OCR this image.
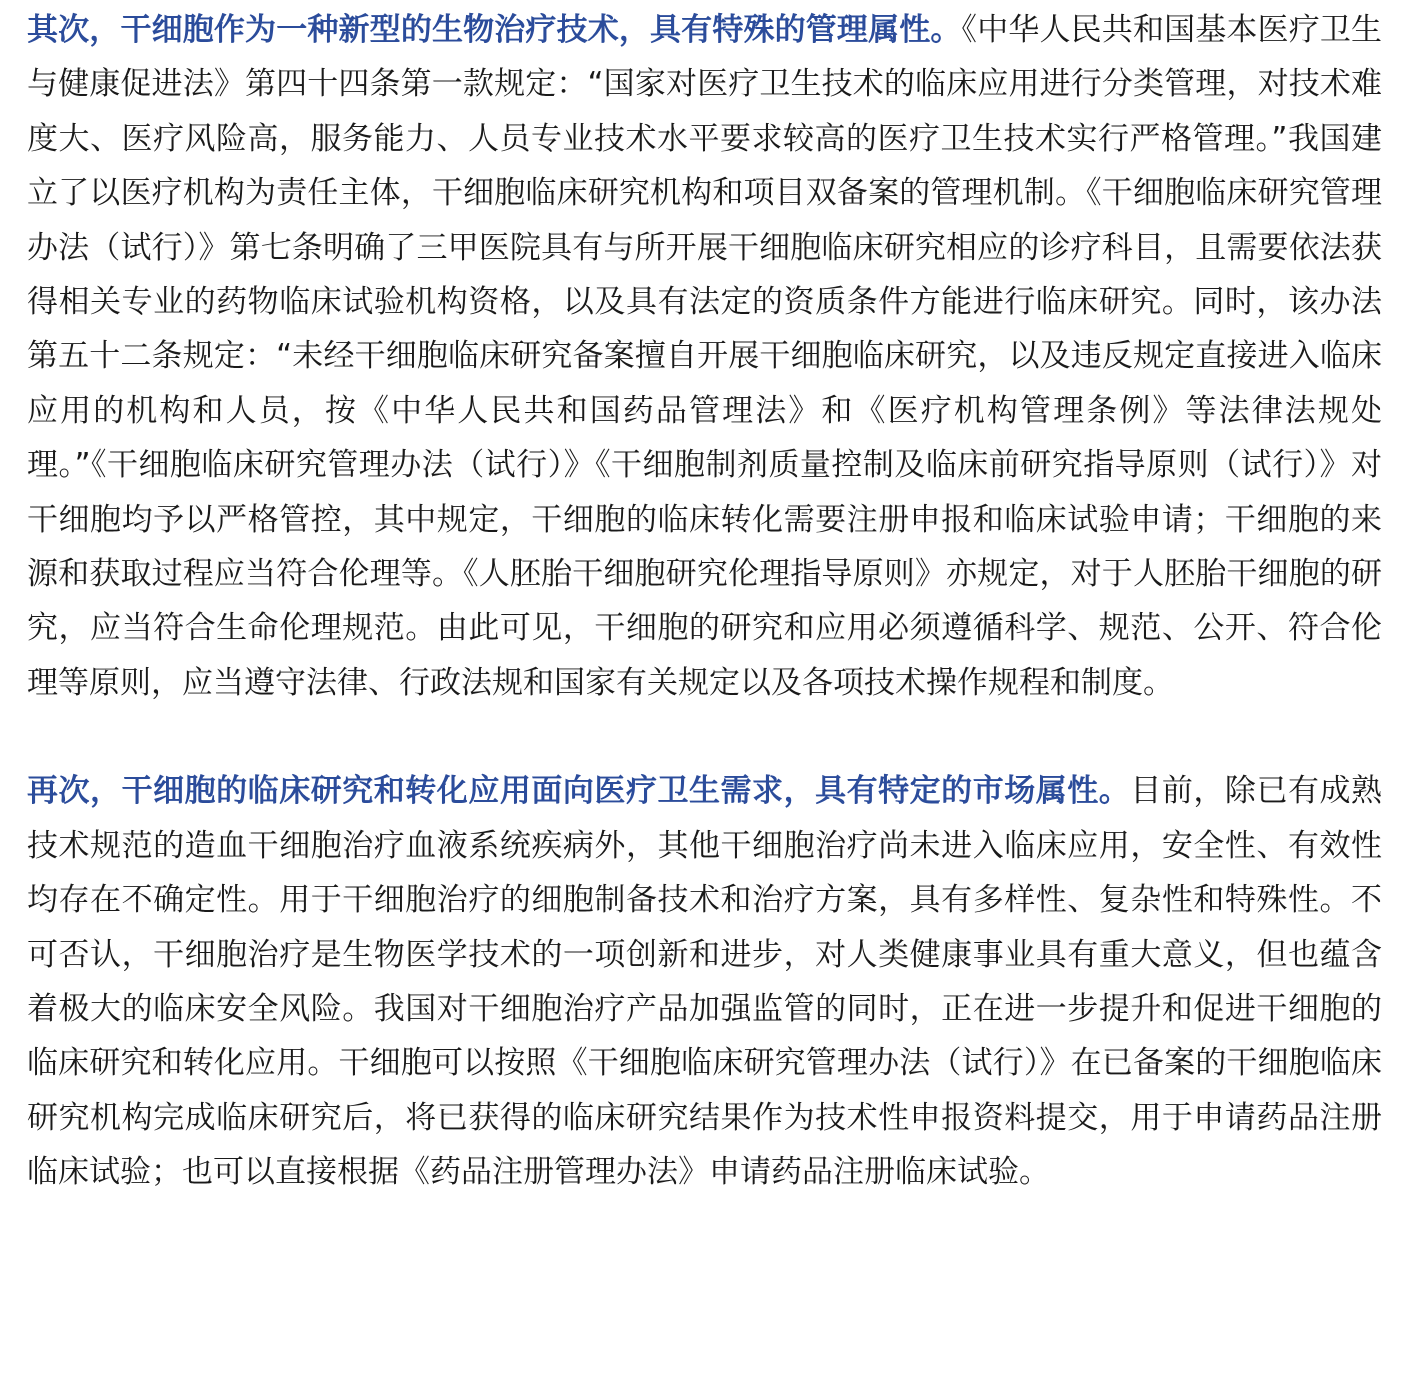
其次，干细胞作为一种新型的生物治疗技术，具有特殊的管理属性。《中华人民共和国基本医疗卫生与健康促进法》第四十四条第一款规定：“国家对医疗卫生技术的临床应用进行分类管理，对技术难度大、医疗风险高，服务能力、人员专业技术水平要求较高的医疗卫生技术实行严格管理。”我国建立了以医疗机构为责任主体，干细胞临床研究机构和项目双备案的管理机制。《干细胞临床研究管理办法（试行）》第七条明确了三甲医院具有与所开展干细胞临床研究相应的诊疗科目，且需要依法获得相关专业的药物临床试验机构资格，以及具有法定的资质条件方能进行临床研究。同时，该办法第五十二条规定：“未经干细胞临床研究备案擅自开展干细胞临床研究，以及违反规定直接进入临床应用的机构和人员，按《中华人民共和国药品管理法》和《医疗机构管理条例》等法律法规处理。”《干细胞临床研究管理办法（试行）》《干细胞制剂质量控制及临床前研究指导原则（试行）》对干细胞均予以严格管控，其中规定，干细胞的临床转化需要注册申报和临床试验申请；干细胞的来源和获取过程应当符合伦理等。《人胚胎干细胞研究伦理指导原则》亦规定，对于人胚胎干细胞的研究，应当符合生命伦理规范。由此可见，干细胞的研究和应用必须遵循科学、规范、公开、符合伦理等原则，应当遵守法律、行政法规和国家有关规定以及各项技术操作规程和制度。

再次，干细胞的临床研究和转化应用面向医疗卫生需求，具有特定的市场属性。目前，除已有成熟技术规范的造血干细胞治疗血液系统疾病外，其他干细胞治疗尚未进入临床应用，安全性、有效性均存在不确定性。用于干细胞治疗的细胞制备技术和治疗方案，具有多样性、复杂性和特殊性。不可否认，干细胞治疗是生物医学技术的一项创新和进步，对人类健康事业具有重大意义，但也蕴含着极大的临床安全风险。我国对干细胞治疗产品加强监管的同时，正在进一步提升和促进干细胞的临床研究和转化应用。干细胞可以按照《干细胞临床研究管理办法（试行）》在已备案的干细胞临床研究机构完成临床研究后，将已获得的临床研究结果作为技术性申报资料提交，用于申请药品注册临床试验；也可以直接根据《药品注册管理办法》申请药品注册临床试验。
